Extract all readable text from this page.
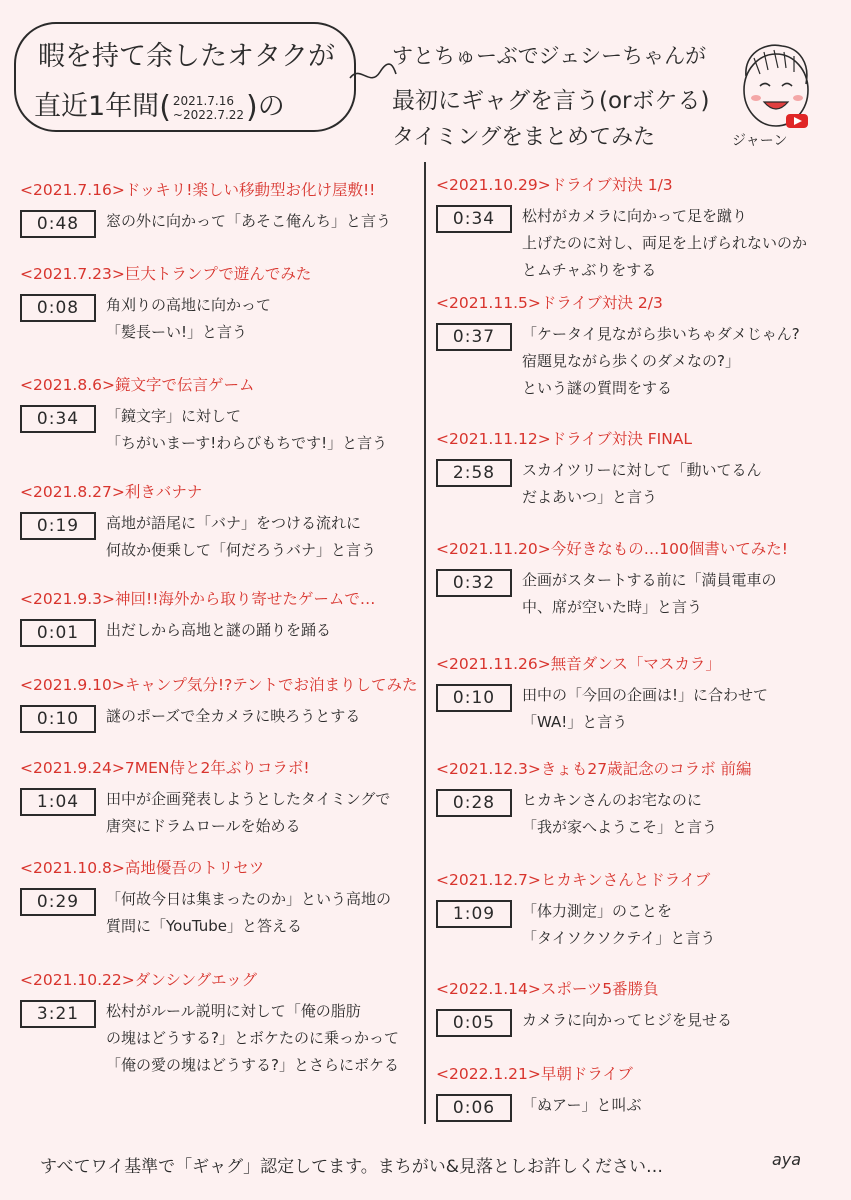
暇を持て余したオタクが
直近1年間( 2021.7.16
~2022.7.22)の
すとちゅーぶでジェシーちゃんが
最初にギャグを言う(orボケる)
タイミングをまとめてみた	ジャーン
<2021.7.16>ドッキリ!楽しい移動型お化け屋敷!!
0:48	窓の外に向かって「あそこ俺んち」と言う
<2021.7.23>巨大トランプで遊んでみた
0:08	角刈りの高地に向かって
「髪長ーい!」と言う
<2021.8.6>鏡文字で伝言ゲーム
0:34	「鏡文字」に対して
「ちがいまーす!わらびもちです!」と言う
<2021.8.27>利きバナナ
0:19	高地が語尾に「バナ」をつける流れに
何故か便乗して「何だろうバナ」と言う
<2021.9.3>神回!!海外から取り寄せたゲームで…
0:01	出だしから高地と謎の踊りを踊る
<2021.9.10>キャンプ気分!?テントでお泊まりしてみた
0:10	謎のポーズで全カメラに映ろうとする
<2021.9.24>7MEN侍と2年ぶりコラボ!
1:04	田中が企画発表しようとしたタイミングで
唐突にドラムロールを始める
<2021.10.8>高地優吾のトリセツ
0:29	「何故今日は集まったのか」という高地の
質問に「YouTube」と答える
<2021.10.22>ダンシングエッグ
3:21	松村がルール説明に対して「俺の脂肪
の塊はどうする?」とボケたのに乗っかって
「俺の愛の塊はどうする?」とさらにボケる
<2021.10.29>ドライブ対決 1/3
0:34	松村がカメラに向かって足を蹴り
上げたのに対し、両足を上げられないのか
とムチャぶりをする
<2021.11.5>ドライブ対決 2/3
0:37	「ケータイ見ながら歩いちゃダメじゃん?
宿題見ながら歩くのダメなの?」
という謎の質問をする
<2021.11.12>ドライブ対決 FINAL
2:58	スカイツリーに対して「動いてるん
だよあいつ」と言う
<2021.11.20>今好きなもの…100個書いてみた!
0:32	企画がスタートする前に「満員電車の
中、席が空いた時」と言う
<2021.11.26>無音ダンス「マスカラ」
0:10	田中の「今回の企画は!」に合わせて
「WA!」と言う
<2021.12.3>きょも27歳記念のコラボ 前編
0:28	ヒカキンさんのお宅なのに
「我が家へようこそ」と言う
<2021.12.7>ヒカキンさんとドライブ
1:09	「体力測定」のことを
「タイソクソクテイ」と言う
<2022.1.14>スポーツ5番勝負
0:05	カメラに向かってヒジを見せる
<2022.1.21>早朝ドライブ
0:06	「ぬアー」と叫ぶ
すべてワイ基準で「ギャグ」認定してます。まちがい&見落としお許しください…	aya
